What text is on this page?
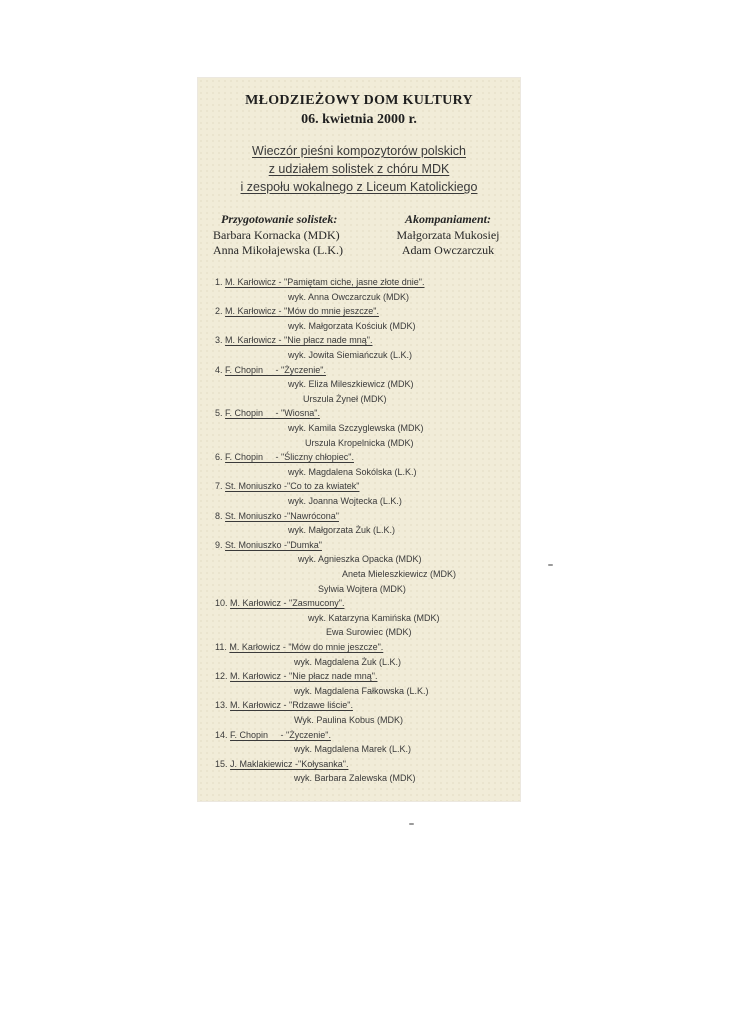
MŁODZIEŻOWY DOM KULTURY
06. kwietnia 2000 r.
Wieczór pieśni kompozytorów polskich
z udziałem solistek z chóru MDK
i zespołu wokalnego z Liceum Katolickiego
Przygotowanie solistek:
Barbara Kornacka (MDK)
Anna Mikołajewska (L.K.)
Akompaniament:
Małgorzata Mukosiej
Adam Owczarczuk
1. M. Karłowicz - "Pamiętam ciche, jasne złote dnie".
wyk. Anna Owczarczuk (MDK)
2. M. Karłowicz - "Mów do mnie jeszcze".
wyk. Małgorzata Kościuk (MDK)
3. M. Karłowicz - "Nie płacz nade mną".
wyk. Jowita Siemiańczuk (L.K.)
4. F. Chopin     - "Życzenie".
wyk. Eliza Mileszkiewicz (MDK)
Urszula Żyneł (MDK)
5. F. Chopin     - "Wiosna".
wyk. Kamila Szczyglewska (MDK)
Urszula Kropelnicka (MDK)
6. F. Chopin     - "Śliczny chłopiec".
wyk. Magdalena Sokólska (L.K.)
7. St. Moniuszko -"Co to za kwiatek"
wyk. Joanna Wojtecka (L.K.)
8. St. Moniuszko -"Nawrócona"
wyk. Małgorzata Żuk (L.K.)
9. St. Moniuszko -"Dumka"
wyk. Agnieszka Opacka (MDK)
Aneta Mieleszkiewicz (MDK)
Sylwia Wojtera (MDK)
10. M. Karłowicz - "Zasmucony".
wyk. Katarzyna Kamińska (MDK)
Ewa Surowiec (MDK)
11. M. Karłowicz - "Mów do mnie jeszcze".
wyk. Magdalena Żuk (L.K.)
12. M. Karłowicz - "Nie płacz nade mną".
wyk. Magdalena Fałkowska (L.K.)
13. M. Karłowicz - "Rdzawe liście".
Wyk. Paulina Kobus (MDK)
14. F. Chopin     - "Życzenie".
wyk. Magdalena Marek (L.K.)
15. J. Maklakiewicz -"Kołysanka".
wyk. Barbara Zalewska (MDK)
